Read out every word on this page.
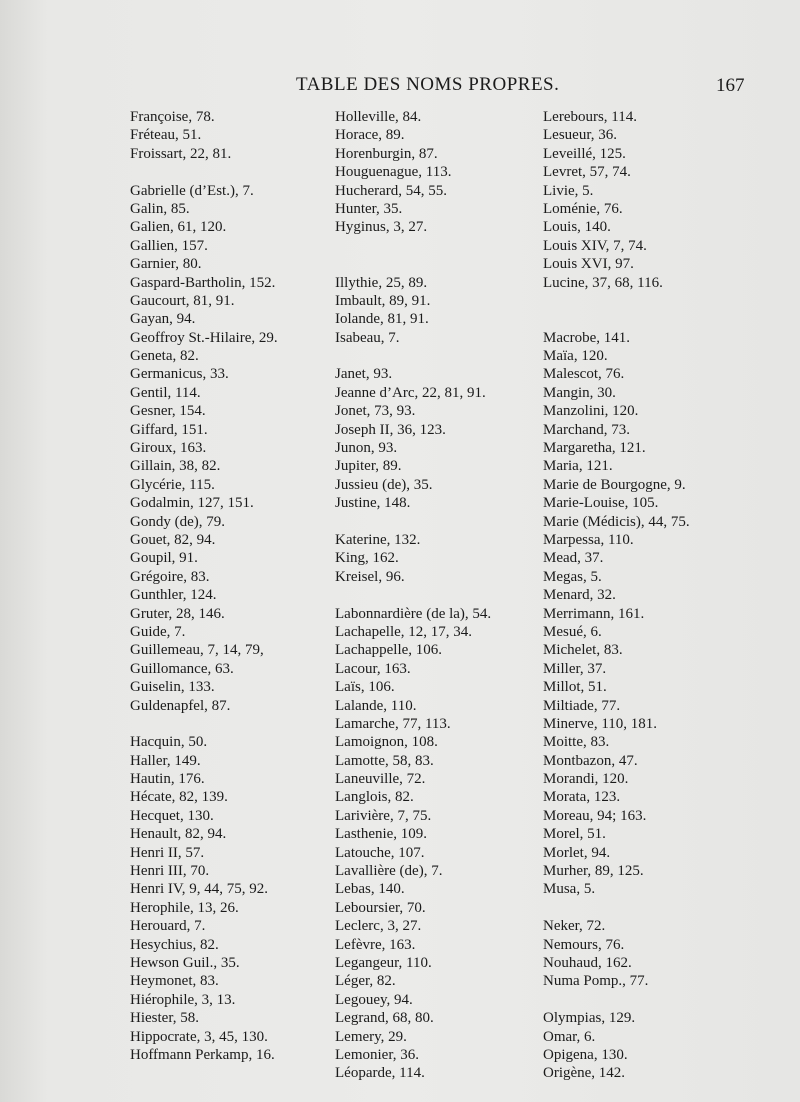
TABLE DES NOMS PROPRES.	167
Françoise, 78.
Fréteau, 51.
Froissart, 22, 81.
Gabrielle (d’Est.), 7.
Galin, 85.
Galien, 61, 120.
Gallien, 157.
Garnier, 80.
Gaspard-Bartholin, 152.
Gaucourt, 81, 91.
Gayan, 94.
Geoffroy St.-Hilaire, 29.
Geneta, 82.
Germanicus, 33.
Gentil, 114.
Gesner, 154.
Giffard, 151.
Giroux, 163.
Gillain, 38, 82.
Glycérie, 115.
Godalmin, 127, 151.
Gondy (de), 79.
Gouet, 82, 94.
Goupil, 91.
Grégoire, 83.
Gunthler, 124.
Gruter, 28, 146.
Guide, 7.
Guillemeau, 7, 14, 79,
Guillomance, 63.
Guiselin, 133.
Guldenapfel, 87.
Hacquin, 50.
Haller, 149.
Hautin, 176.
Hécate, 82, 139.
Hecquet, 130.
Henault, 82, 94.
Henri II, 57.
Henri III, 70.
Henri IV, 9, 44, 75, 92.
Herophile, 13, 26.
Herouard, 7.
Hesychius, 82.
Hewson Guil., 35.
Heymonet, 83.
Hiérophile, 3, 13.
Hiester, 58.
Hippocrate, 3, 45, 130.
Hoffmann Perkamp, 16.
Holleville, 84.
Horace, 89.
Horenburgin, 87.
Houguenague, 113.
Hucherard, 54, 55.
Hunter, 35.
Hyginus, 3, 27.
Illythie, 25, 89.
Imbault, 89, 91.
Iolande, 81, 91.
Isabeau, 7.
Janet, 93.
Jeanne d’Arc, 22, 81, 91.
Jonet, 73, 93.
Joseph II, 36, 123.
Junon, 93.
Jupiter, 89.
Jussieu (de), 35.
Justine, 148.
Katerine, 132.
King, 162.
Kreisel, 96.
Labonnardière (de la), 54.
Lachapelle, 12, 17, 34.
Lachappelle, 106.
Lacour, 163.
Laïs, 106.
Lalande, 110.
Lamarche, 77, 113.
Lamoignon, 108.
Lamotte, 58, 83.
Laneuville, 72.
Langlois, 82.
Larivière, 7, 75.
Lasthenie, 109.
Latouche, 107.
Lavallière (de), 7.
Lebas, 140.
Leboursier, 70.
Leclerc, 3, 27.
Lefèvre, 163.
Legangeur, 110.
Léger, 82.
Legouey, 94.
Legrand, 68, 80.
Lemery, 29.
Lemonier, 36.
Léoparde, 114.
Lerebours, 114.
Lesueur, 36.
Leveillé, 125.
Levret, 57, 74.
Livie, 5.
Loménie, 76.
Louis, 140.
Louis XIV, 7, 74.
Louis XVI, 97.
Lucine, 37, 68, 116.
Macrobe, 141.
Maïa, 120.
Malescot, 76.
Mangin, 30.
Manzolini, 120.
Marchand, 73.
Margaretha, 121.
Maria, 121.
Marie de Bourgogne, 9.
Marie-Louise, 105.
Marie (Médicis), 44, 75.
Marpessa, 110.
Mead, 37.
Megas, 5.
Menard, 32.
Merrimann, 161.
Mesué, 6.
Michelet, 83.
Miller, 37.
Millot, 51.
Miltiade, 77.
Minerve, 110, 181.
Moitte, 83.
Montbazon, 47.
Morandi, 120.
Morata, 123.
Moreau, 94; 163.
Morel, 51.
Morlet, 94.
Murher, 89, 125.
Musa, 5.
Neker, 72.
Nemours, 76.
Nouhaud, 162.
Numa Pomp., 77.
Olympias, 129.
Omar, 6.
Opigena, 130.
Origène, 142.
